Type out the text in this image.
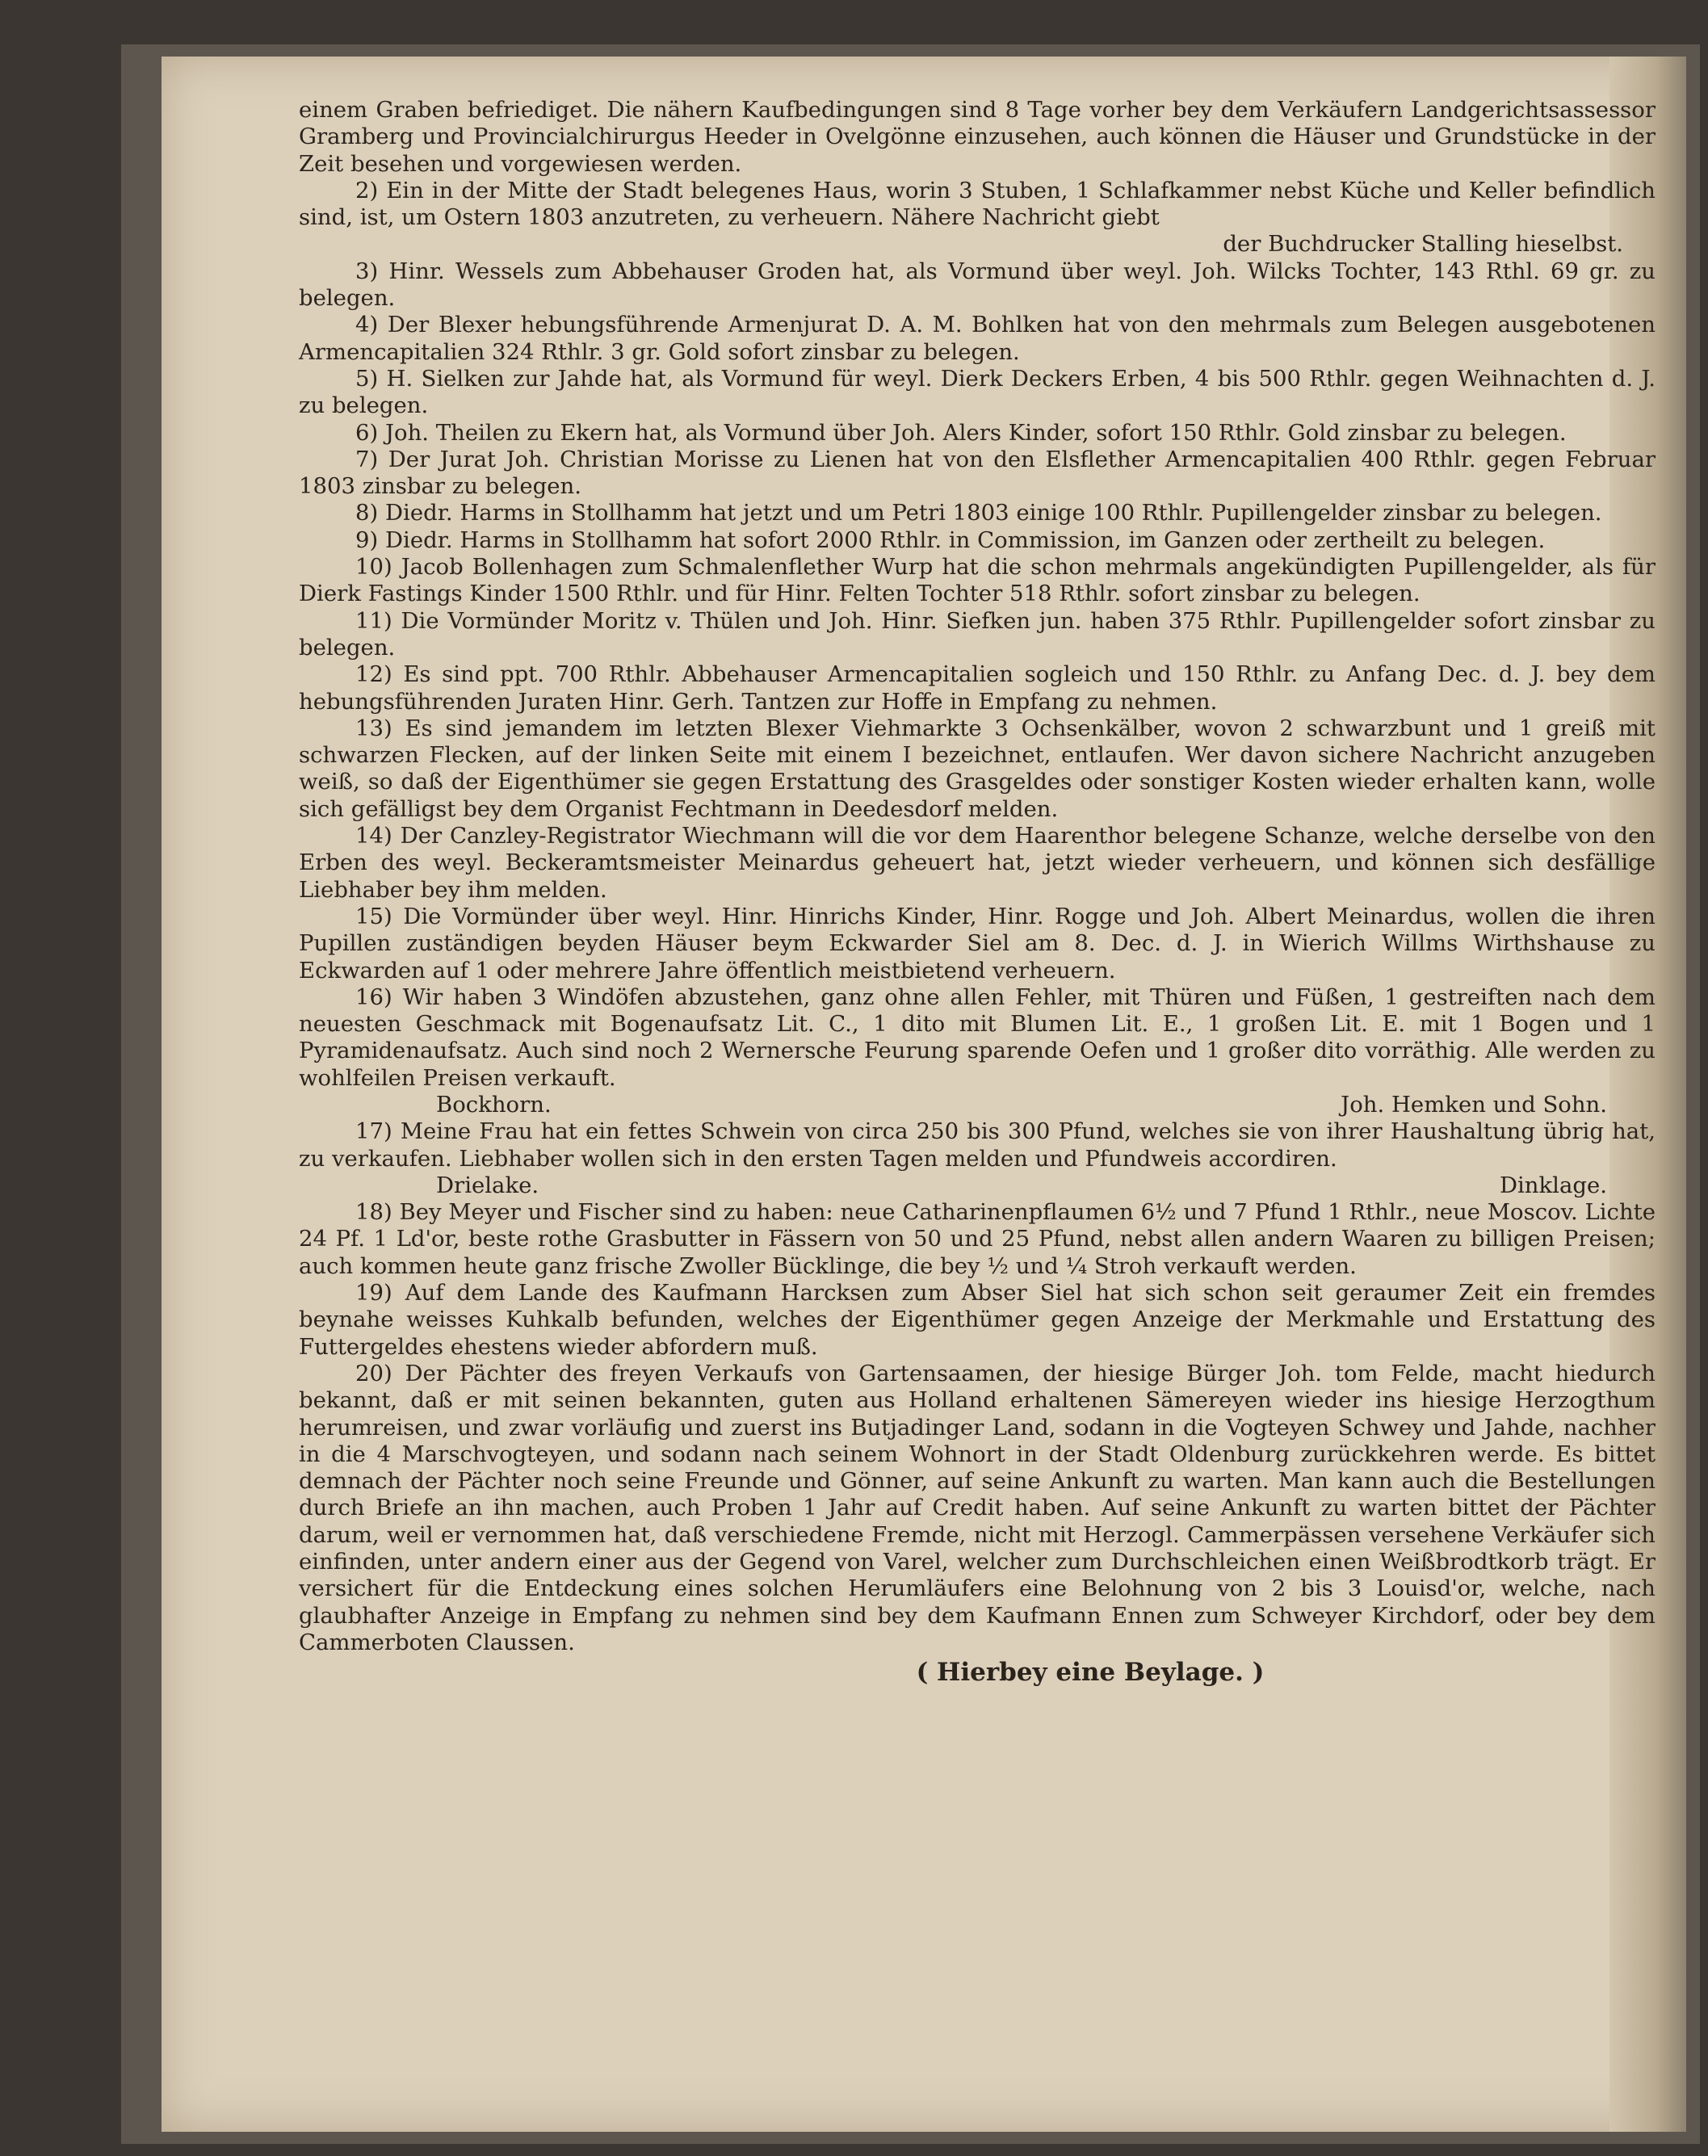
einem Graben befriediget. Die nähern Kaufbedingungen sind 8 Tage vorher bey dem Verkäufern Landgerichtsassessor Gramberg und Provincialchirurgus Heeder in Ovelgönne einzusehen, auch können die Häuser und Grundstücke in der Zeit besehen und vorgewiesen werden.

2) Ein in der Mitte der Stadt belegenes Haus, worin 3 Stuben, 1 Schlafkammer nebst Küche und Keller befindlich sind, ist, um Ostern 1803 anzutreten, zu verheuern. Nähere Nachricht giebt

der Buchdrucker Stalling hieselbst.

3) Hinr. Wessels zum Abbehauser Groden hat, als Vormund über weyl. Joh. Wilcks Tochter, 143 Rthl. 69 gr. zu belegen.

4) Der Blexer hebungsführende Armenjurat D. A. M. Bohlken hat von den mehrmals zum Belegen ausgebotenen Armencapitalien 324 Rthlr. 3 gr. Gold sofort zinsbar zu belegen.

5) H. Sielken zur Jahde hat, als Vormund für weyl. Dierk Deckers Erben, 4 bis 500 Rthlr. gegen Weihnachten d. J. zu belegen.

6) Joh. Theilen zu Ekern hat, als Vormund über Joh. Alers Kinder, sofort 150 Rthlr. Gold zinsbar zu belegen.

7) Der Jurat Joh. Christian Morisse zu Lienen hat von den Elsflether Armencapitalien 400 Rthlr. gegen Februar 1803 zinsbar zu belegen.

8) Diedr. Harms in Stollhamm hat jetzt und um Petri 1803 einige 100 Rthlr. Pupillengelder zinsbar zu belegen.

9) Diedr. Harms in Stollhamm hat sofort 2000 Rthlr. in Commission, im Ganzen oder zertheilt zu belegen.

10) Jacob Bollenhagen zum Schmalenflether Wurp hat die schon mehrmals angekündigten Pupillengelder, als für Dierk Fastings Kinder 1500 Rthlr. und für Hinr. Felten Tochter 518 Rthlr. sofort zinsbar zu belegen.

11) Die Vormünder Moritz v. Thülen und Joh. Hinr. Siefken jun. haben 375 Rthlr. Pupillengelder sofort zinsbar zu belegen.

12) Es sind ppt. 700 Rthlr. Abbehauser Armencapitalien sogleich und 150 Rthlr. zu Anfang Dec. d. J. bey dem hebungsführenden Juraten Hinr. Gerh. Tantzen zur Hoffe in Empfang zu nehmen.

13) Es sind jemandem im letzten Blexer Viehmarkte 3 Ochsenkälber, wovon 2 schwarzbunt und 1 greiß mit schwarzen Flecken, auf der linken Seite mit einem I bezeichnet, entlaufen. Wer davon sichere Nachricht anzugeben weiß, so daß der Eigenthümer sie gegen Erstattung des Grasgeldes oder sonstiger Kosten wieder erhalten kann, wolle sich gefälligst bey dem Organist Fechtmann in Deedesdorf melden.

14) Der Canzley-Registrator Wiechmann will die vor dem Haarenthor belegene Schanze, welche derselbe von den Erben des weyl. Beckeramtsmeister Meinardus geheuert hat, jetzt wieder verheuern, und können sich desfällige Liebhaber bey ihm melden.

15) Die Vormünder über weyl. Hinr. Hinrichs Kinder, Hinr. Rogge und Joh. Albert Meinardus, wollen die ihren Pupillen zuständigen beyden Häuser beym Eckwarder Siel am 8. Dec. d. J. in Wierich Willms Wirthshause zu Eckwarden auf 1 oder mehrere Jahre öffentlich meistbietend verheuern.

16) Wir haben 3 Windöfen abzustehen, ganz ohne allen Fehler, mit Thüren und Füßen, 1 gestreiften nach dem neuesten Geschmack mit Bogenaufsatz Lit. C., 1 dito mit Blumen Lit. E., 1 großen Lit. E. mit 1 Bogen und 1 Pyramidenaufsatz. Auch sind noch 2 Wernersche Feurung sparende Oefen und 1 großer dito vorräthig. Alle werden zu wohlfeilen Preisen verkauft.

Bockhorn.	Joh. Hemken und Sohn.

17) Meine Frau hat ein fettes Schwein von circa 250 bis 300 Pfund, welches sie von ihrer Haushaltung übrig hat, zu verkaufen. Liebhaber wollen sich in den ersten Tagen melden und Pfundweis accordiren.

Drielake.	Dinklage.

18) Bey Meyer und Fischer sind zu haben: neue Catharinenpflaumen 6½ und 7 Pfund 1 Rthlr., neue Moscov. Lichte 24 Pf. 1 Ld'or, beste rothe Grasbutter in Fässern von 50 und 25 Pfund, nebst allen andern Waaren zu billigen Preisen; auch kommen heute ganz frische Zwoller Bücklinge, die bey ½ und ¼ Stroh verkauft werden.

19) Auf dem Lande des Kaufmann Harcksen zum Abser Siel hat sich schon seit geraumer Zeit ein fremdes beynahe weisses Kuhkalb befunden, welches der Eigenthümer gegen Anzeige der Merkmahle und Erstattung des Futtergeldes ehestens wieder abfordern muß.

20) Der Pächter des freyen Verkaufs von Gartensaamen, der hiesige Bürger Joh. tom Felde, macht hiedurch bekannt, daß er mit seinen bekannten, guten aus Holland erhaltenen Sämereyen wieder ins hiesige Herzogthum herumreisen, und zwar vorläufig und zuerst ins Butjadinger Land, sodann in die Vogteyen Schwey und Jahde, nachher in die 4 Marschvogteyen, und sodann nach seinem Wohnort in der Stadt Oldenburg zurückkehren werde. Es bittet demnach der Pächter noch seine Freunde und Gönner, auf seine Ankunft zu warten. Man kann auch die Bestellungen durch Briefe an ihn machen, auch Proben 1 Jahr auf Credit haben. Auf seine Ankunft zu warten bittet der Pächter darum, weil er vernommen hat, daß verschiedene Fremde, nicht mit Herzogl. Cammerpässen versehene Verkäufer sich einfinden, unter andern einer aus der Gegend von Varel, welcher zum Durchschleichen einen Weißbrodtkorb trägt. Er versichert für die Entdeckung eines solchen Herumläufers eine Belohnung von 2 bis 3 Louisd'or, welche, nach glaubhafter Anzeige in Empfang zu nehmen sind bey dem Kaufmann Ennen zum Schweyer Kirchdorf, oder bey dem Cammerboten Claussen.

( Hierbey eine Beylage. )
